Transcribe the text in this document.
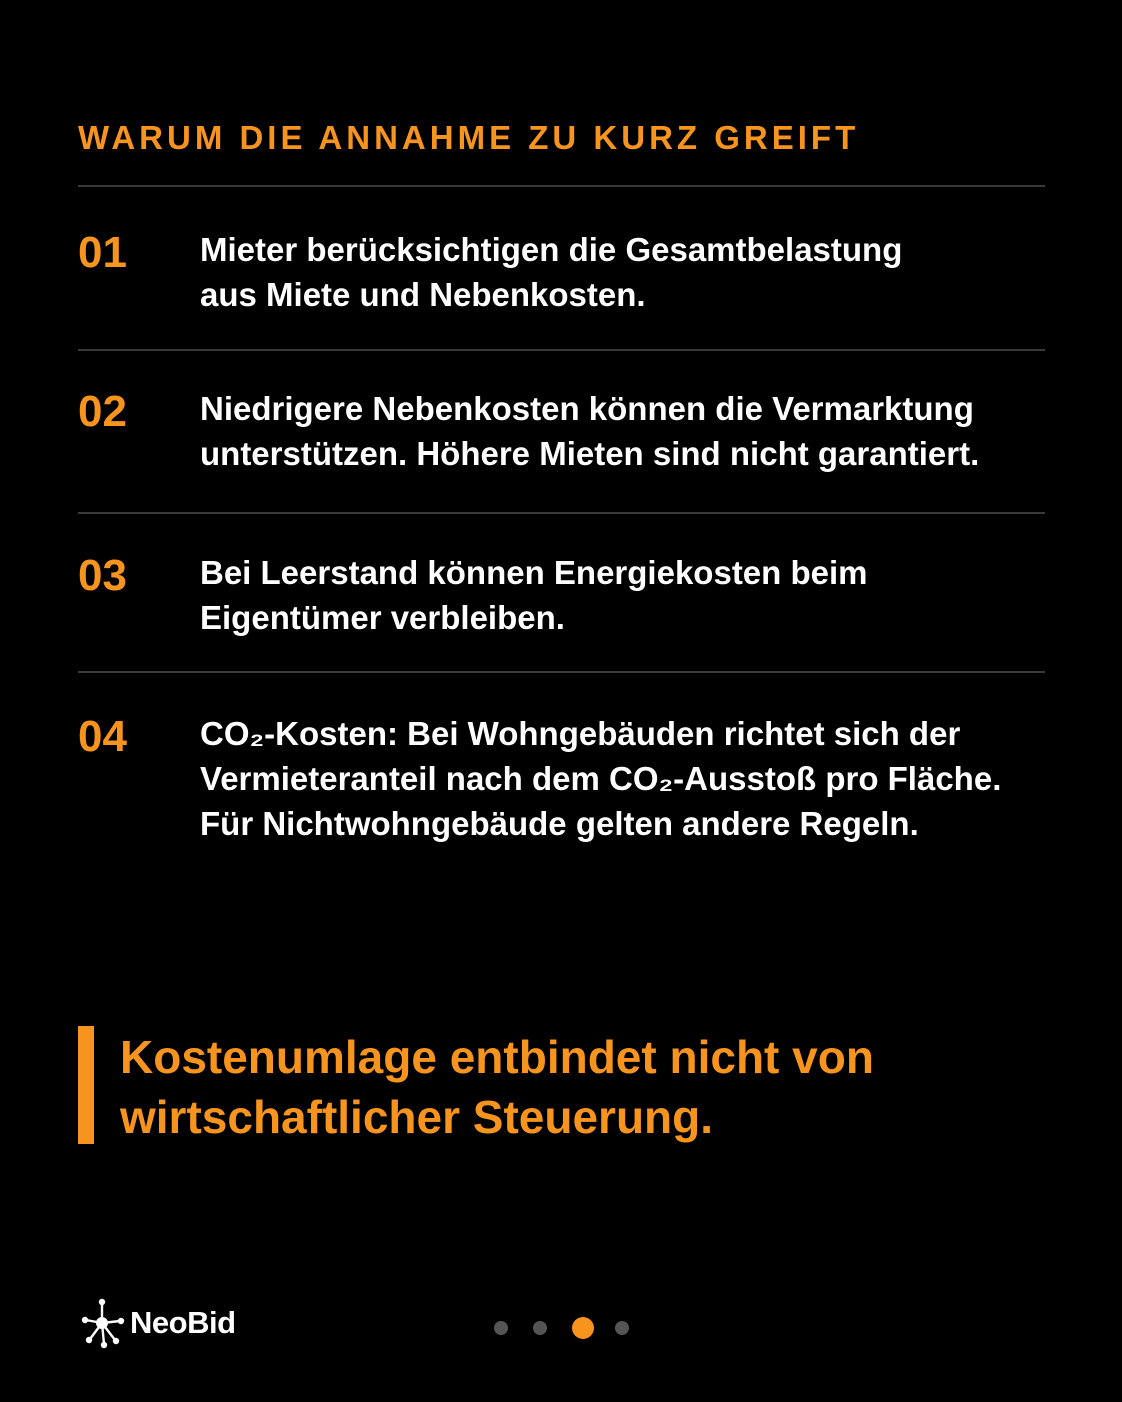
WARUM DIE ANNAHME ZU KURZ GREIFT
01 Mieter berücksichtigen die Gesamtbelastung
aus Miete und Nebenkosten.
02 Niedrigere Nebenkosten können die Vermarktung
unterstützen. Höhere Mieten sind nicht garantiert.
03 Bei Leerstand können Energiekosten beim
Eigentümer verbleiben.
04 CO₂-Kosten: Bei Wohngebäuden richtet sich der
Vermieteranteil nach dem CO₂-Ausstoß pro Fläche.
Für Nichtwohngebäude gelten andere Regeln.
Kostenumlage entbindet nicht von
wirtschaftlicher Steuerung.
NeoBid
